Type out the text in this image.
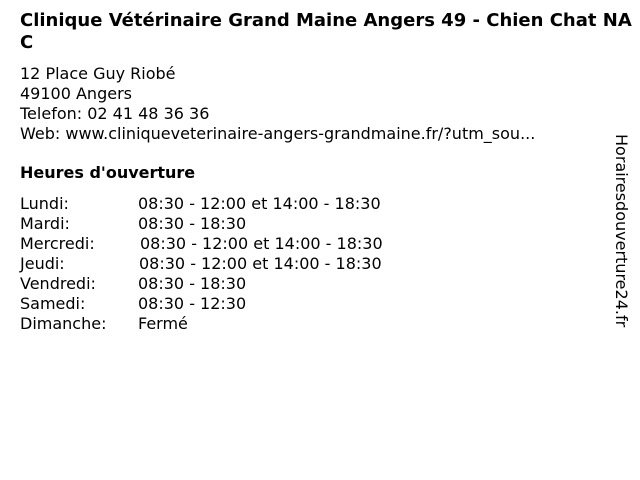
Clinique Vétérinaire Grand Maine Angers 49 - Chien Chat NAC
12 Place Guy Riobé
49100 Angers
Telefon: 02 41 48 36 36
Web: www.cliniqueveterinaire-angers-grandmaine.fr/?utm_sou...
Heures d'ouverture
Lundi:	08:30 - 12:00 et 14:00 - 18:30
Mardi:	08:30 - 18:30
Mercredi:	08:30 - 12:00 et 14:00 - 18:30
Jeudi:	08:30 - 12:00 et 14:00 - 18:30
Vendredi:	08:30 - 18:30
Samedi:	08:30 - 12:30
Dimanche: Fermé	Horairesdouverture24.fr
